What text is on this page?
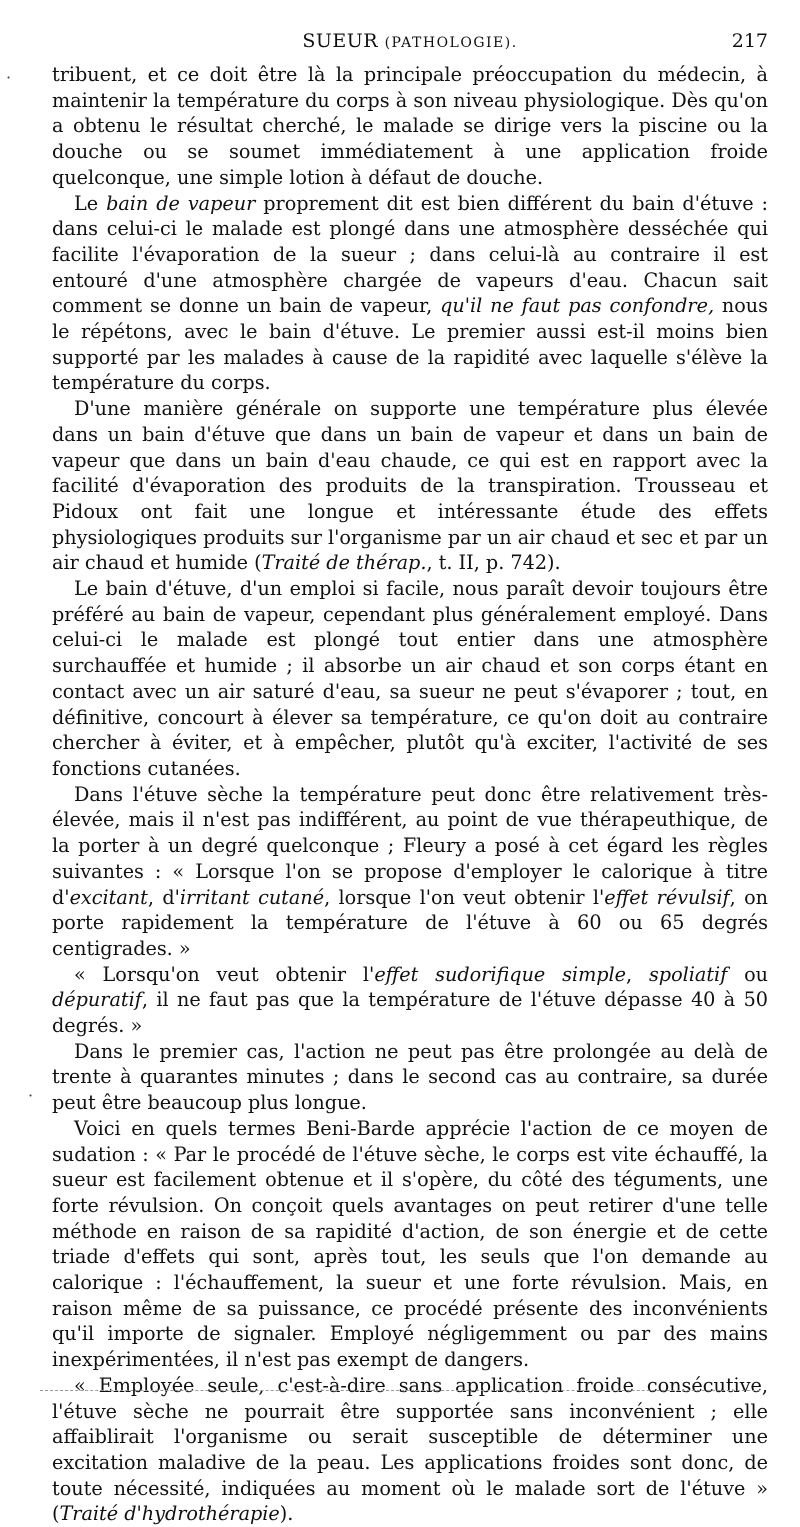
SUEUR (PATHOLOGIE).	217

tribuent, et ce doit être là la principale préoccupation du médecin, à maintenir la température du corps à son niveau physiologique. Dès qu'on a obtenu le résultat cherché, le malade se dirige vers la piscine ou la douche ou se soumet immédiatement à une application froide quelconque, une simple lotion à défaut de douche.

Le bain de vapeur proprement dit est bien différent du bain d'étuve : dans celui-ci le malade est plongé dans une atmosphère desséchée qui facilite l'évaporation de la sueur ; dans celui-là au contraire il est entouré d'une atmosphère chargée de vapeurs d'eau. Chacun sait comment se donne un bain de vapeur, qu'il ne faut pas confondre, nous le répétons, avec le bain d'étuve. Le premier aussi est-il moins bien supporté par les malades à cause de la rapidité avec laquelle s'élève la température du corps.

D'une manière générale on supporte une température plus élevée dans un bain d'étuve que dans un bain de vapeur et dans un bain de vapeur que dans un bain d'eau chaude, ce qui est en rapport avec la facilité d'évaporation des produits de la transpiration. Trousseau et Pidoux ont fait une longue et intéressante étude des effets physiologiques produits sur l'organisme par un air chaud et sec et par un air chaud et humide (Traité de thérap., t. II, p. 742).

Le bain d'étuve, d'un emploi si facile, nous paraît devoir toujours être préféré au bain de vapeur, cependant plus généralement employé. Dans celui-ci le malade est plongé tout entier dans une atmosphère surchauffée et humide ; il absorbe un air chaud et son corps étant en contact avec un air saturé d'eau, sa sueur ne peut s'évaporer ; tout, en définitive, concourt à élever sa température, ce qu'on doit au contraire chercher à éviter, et à empêcher, plutôt qu'à exciter, l'activité de ses fonctions cutanées.

Dans l'étuve sèche la température peut donc être relativement très-élevée, mais il n'est pas indifférent, au point de vue thérapeuthique, de la porter à un degré quelconque ; Fleury a posé à cet égard les règles suivantes : « Lorsque l'on se propose d'employer le calorique à titre d'excitant, d'irritant cutané, lorsque l'on veut obtenir l'effet révulsif, on porte rapidement la température de l'étuve à 60 ou 65 degrés centigrades. »

« Lorsqu'on veut obtenir l'effet sudorifique simple, spoliatif ou dépuratif, il ne faut pas que la température de l'étuve dépasse 40 à 50 degrés. »

Dans le premier cas, l'action ne peut pas être prolongée au delà de trente à quarantes minutes ; dans le second cas au contraire, sa durée peut être beaucoup plus longue.

Voici en quels termes Beni-Barde apprécie l'action de ce moyen de sudation : « Par le procédé de l'étuve sèche, le corps est vite échauffé, la sueur est facilement obtenue et il s'opère, du côté des téguments, une forte révulsion. On conçoit quels avantages on peut retirer d'une telle méthode en raison de sa rapidité d'action, de son énergie et de cette triade d'effets qui sont, après tout, les seuls que l'on demande au calorique : l'échauffement, la sueur et une forte révulsion. Mais, en raison même de sa puissance, ce procédé présente des inconvénients qu'il importe de signaler. Employé négligemment ou par des mains inexpérimentées, il n'est pas exempt de dangers.

« Employée seule, c'est-à-dire sans application froide consécutive, l'étuve sèche ne pourrait être supportée sans inconvénient ; elle affaiblirait l'organisme ou serait susceptible de déterminer une excitation maladive de la peau. Les applications froides sont donc, de toute nécessité, indiquées au moment où le malade sort de l'étuve » (Traité d'hydrothérapie).

·
·
